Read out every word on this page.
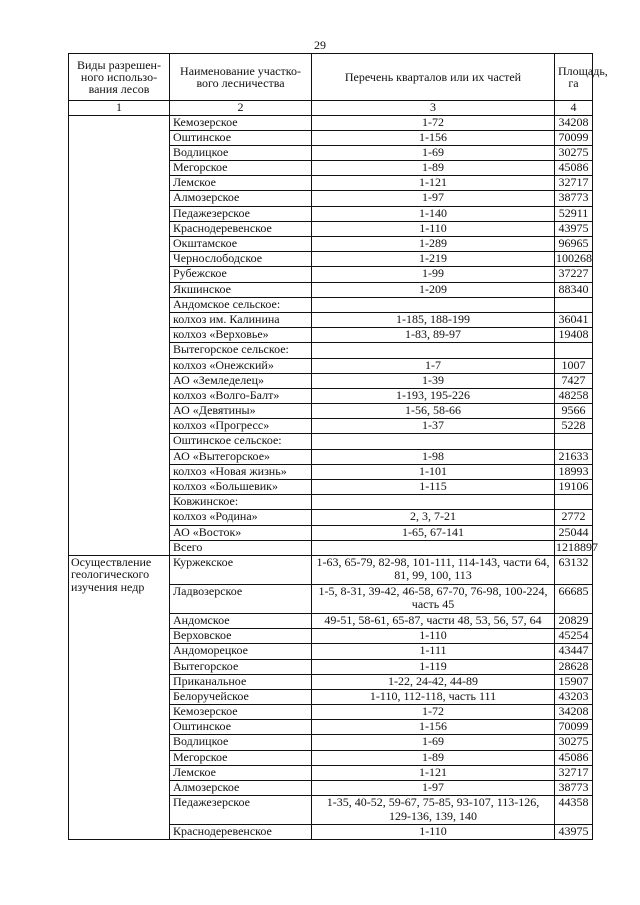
29
Виды разрешен-ного использо-вания лесов	Наименование участко-вого лесничества	Перечень кварталов или их частей	Площадь, га
1	2	3	4
	Кемозерское	1-72	34208
	Оштинское	1-156	70099
	Водлицкое	1-69	30275
	Мегорское	1-89	45086
	Лемское	1-121	32717
	Алмозерское	1-97	38773
	Педажезерское	1-140	52911
	Краснодеревенское	1-110	43975
	Окштамское	1-289	96965
	Чернослободское	1-219	100268
	Рубежское	1-99	37227
	Якшинское	1-209	88340
	Андомское сельское:		
	колхоз им. Калинина	1-185, 188-199	36041
	колхоз «Верховье»	1-83, 89-97	19408
	Вытегорское сельское:		
	колхоз «Онежский»	1-7	1007
	АО «Земледелец»	1-39	7427
	колхоз «Волго-Балт»	1-193, 195-226	48258
	АО «Девятины»	1-56, 58-66	9566
	колхоз «Прогресс»	1-37	5228
	Оштинское сельское:		
	АО «Вытегорское»	1-98	21633
	колхоз «Новая жизнь»	1-101	18993
	колхоз «Большевик»	1-115	19106
	Ковжинское:		
	колхоз «Родина»	2, 3, 7-21	2772
	АО «Восток»	1-65, 67-141	25044
	Всего		1218897
Осуществление геологического изучения недр	Куржекское	1-63, 65-79, 82-98, 101-111, 114-143, части 64, 81, 99, 100, 113	63132
	Ладвозерское	1-5, 8-31, 39-42, 46-58, 67-70, 76-98, 100-224, часть 45	66685
	Андомское	49-51, 58-61, 65-87, части 48, 53, 56, 57, 64	20829
	Верховское	1-110	45254
	Андоморецкое	1-111	43447
	Вытегорское	1-119	28628
	Приканальное	1-22, 24-42, 44-89	15907
	Белоручейское	1-110, 112-118, часть 111	43203
	Кемозерское	1-72	34208
	Оштинское	1-156	70099
	Водлицкое	1-69	30275
	Мегорское	1-89	45086
	Лемское	1-121	32717
	Алмозерское	1-97	38773
	Педажезерское	1-35, 40-52, 59-67, 75-85, 93-107, 113-126, 129-136, 139, 140	44358
	Краснодеревенское	1-110	43975
